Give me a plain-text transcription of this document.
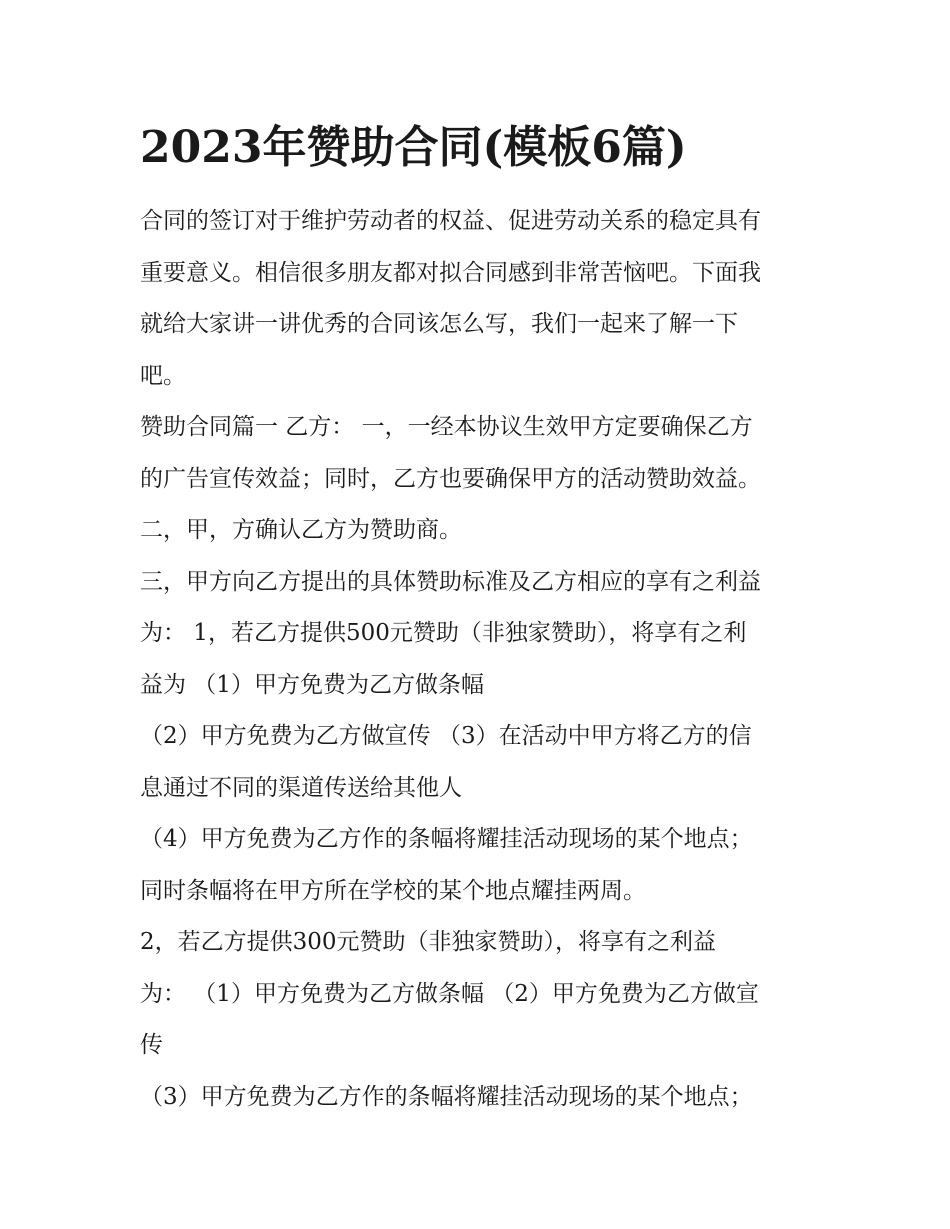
2023年赞助合同(模板6篇)
合同的签订对于维护劳动者的权益、促进劳动关系的稳定具有
重要意义。相信很多朋友都对拟合同感到非常苦恼吧。下面我
就给大家讲一讲优秀的合同该怎么写，我们一起来了解一下
吧。
赞助合同篇一 乙方： 一，一经本协议生效甲方定要确保乙方
的广告宣传效益；同时，乙方也要确保甲方的活动赞助效益。
二，甲，方确认乙方为赞助商。
三，甲方向乙方提出的具体赞助标准及乙方相应的享有之利益
为： 1，若乙方提供500元赞助（非独家赞助），将享有之利
益为 （1）甲方免费为乙方做条幅
（2）甲方免费为乙方做宣传 （3）在活动中甲方将乙方的信
息通过不同的渠道传送给其他人
（4）甲方免费为乙方作的条幅将耀挂活动现场的某个地点；
同时条幅将在甲方所在学校的某个地点耀挂两周。
2，若乙方提供300元赞助（非独家赞助），将享有之利益
为： （1）甲方免费为乙方做条幅 （2）甲方免费为乙方做宣
传
（3）甲方免费为乙方作的条幅将耀挂活动现场的某个地点；
